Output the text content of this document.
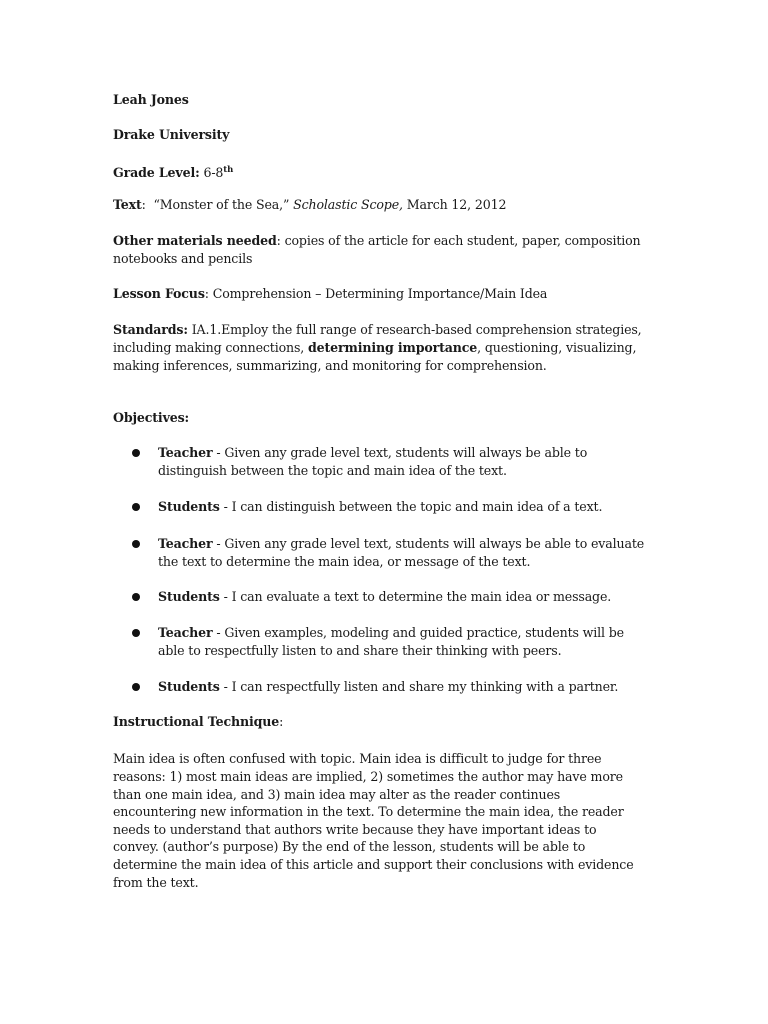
Leah Jones
Drake University
Grade Level: 6-8th
Text: “Monster of the Sea,” Scholastic Scope, March 12, 2012
Other materials needed: copies of the article for each student, paper, composition
notebooks and pencils
Lesson Focus: Comprehension – Determining Importance/Main Idea
Standards: IA.1.Employ the full range of research-based comprehension strategies,
including making connections, determining importance, questioning, visualizing,
making inferences, summarizing, and monitoring for comprehension.
Objectives:
Teacher - Given any grade level text, students will always be able to
distinguish between the topic and main idea of the text.
Students - I can distinguish between the topic and main idea of a text.
Teacher - Given any grade level text, students will always be able to evaluate
the text to determine the main idea, or message of the text.
Students - I can evaluate a text to determine the main idea or message.
Teacher - Given examples, modeling and guided practice, students will be
able to respectfully listen to and share their thinking with peers.
Students - I can respectfully listen and share my thinking with a partner.
Instructional Technique:
Main idea is often confused with topic. Main idea is difficult to judge for three
reasons: 1) most main ideas are implied, 2) sometimes the author may have more
than one main idea, and 3) main idea may alter as the reader continues
encountering new information in the text. To determine the main idea, the reader
needs to understand that authors write because they have important ideas to
convey. (author’s purpose) By the end of the lesson, students will be able to
determine the main idea of this article and support their conclusions with evidence
from the text.
